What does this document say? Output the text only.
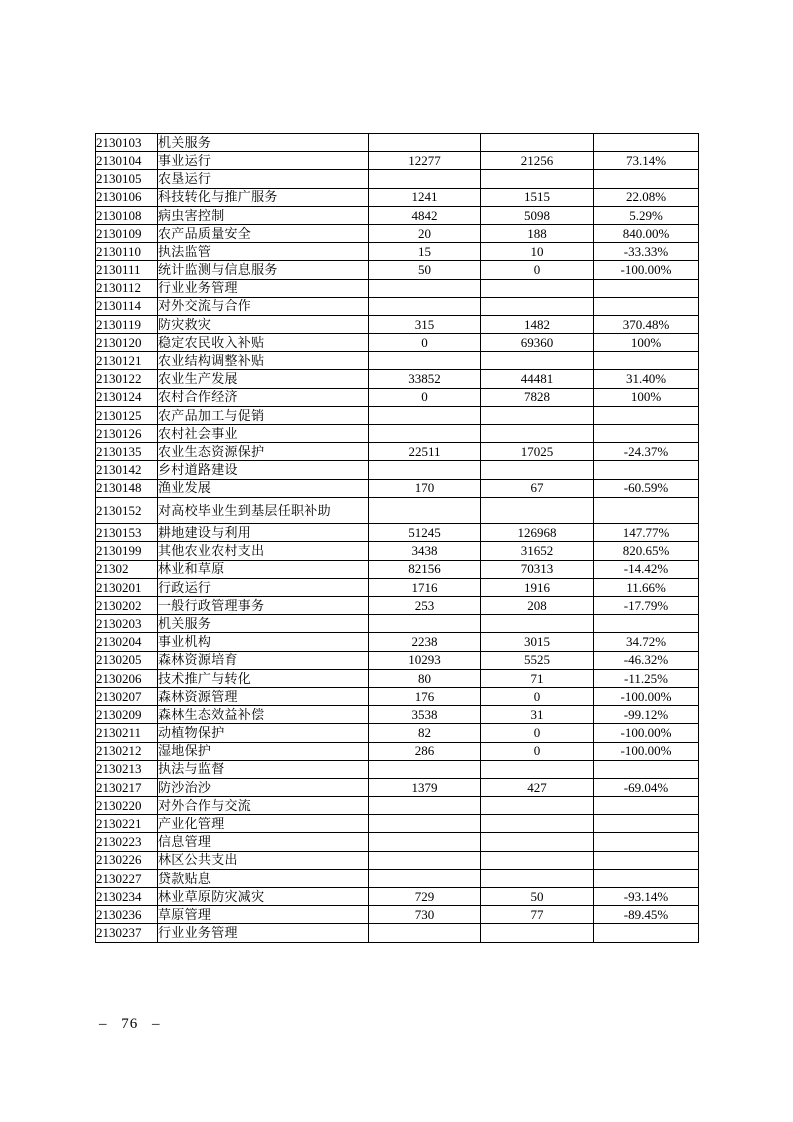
2130103	机关服务			
2130104	事业运行	12277	21256	73.14%
2130105	农垦运行			
2130106	科技转化与推广服务	1241	1515	22.08%
2130108	病虫害控制	4842	5098	5.29%
2130109	农产品质量安全	20	188	840.00%
2130110	执法监管	15	10	-33.33%
2130111	统计监测与信息服务	50	0	-100.00%
2130112	行业业务管理			
2130114	对外交流与合作			
2130119	防灾救灾	315	1482	370.48%
2130120	稳定农民收入补贴	0	69360	100%
2130121	农业结构调整补贴			
2130122	农业生产发展	33852	44481	31.40%
2130124	农村合作经济	0	7828	100%
2130125	农产品加工与促销			
2130126	农村社会事业			
2130135	农业生态资源保护	22511	17025	-24.37%
2130142	乡村道路建设			
2130148	渔业发展	170	67	-60.59%
2130152	对高校毕业生到基层任职补助			
2130153	耕地建设与利用	51245	126968	147.77%
2130199	其他农业农村支出	3438	31652	820.65%
21302	林业和草原	82156	70313	-14.42%
2130201	行政运行	1716	1916	11.66%
2130202	一般行政管理事务	253	208	-17.79%
2130203	机关服务			
2130204	事业机构	2238	3015	34.72%
2130205	森林资源培育	10293	5525	-46.32%
2130206	技术推广与转化	80	71	-11.25%
2130207	森林资源管理	176	0	-100.00%
2130209	森林生态效益补偿	3538	31	-99.12%
2130211	动植物保护	82	0	-100.00%
2130212	湿地保护	286	0	-100.00%
2130213	执法与监督			
2130217	防沙治沙	1379	427	-69.04%
2130220	对外合作与交流			
2130221	产业化管理			
2130223	信息管理			
2130226	林区公共支出			
2130227	贷款贴息			
2130234	林业草原防灾减灾	729	50	-93.14%
2130236	草原管理	730	77	-89.45%
2130237	行业业务管理			
– 76 –
